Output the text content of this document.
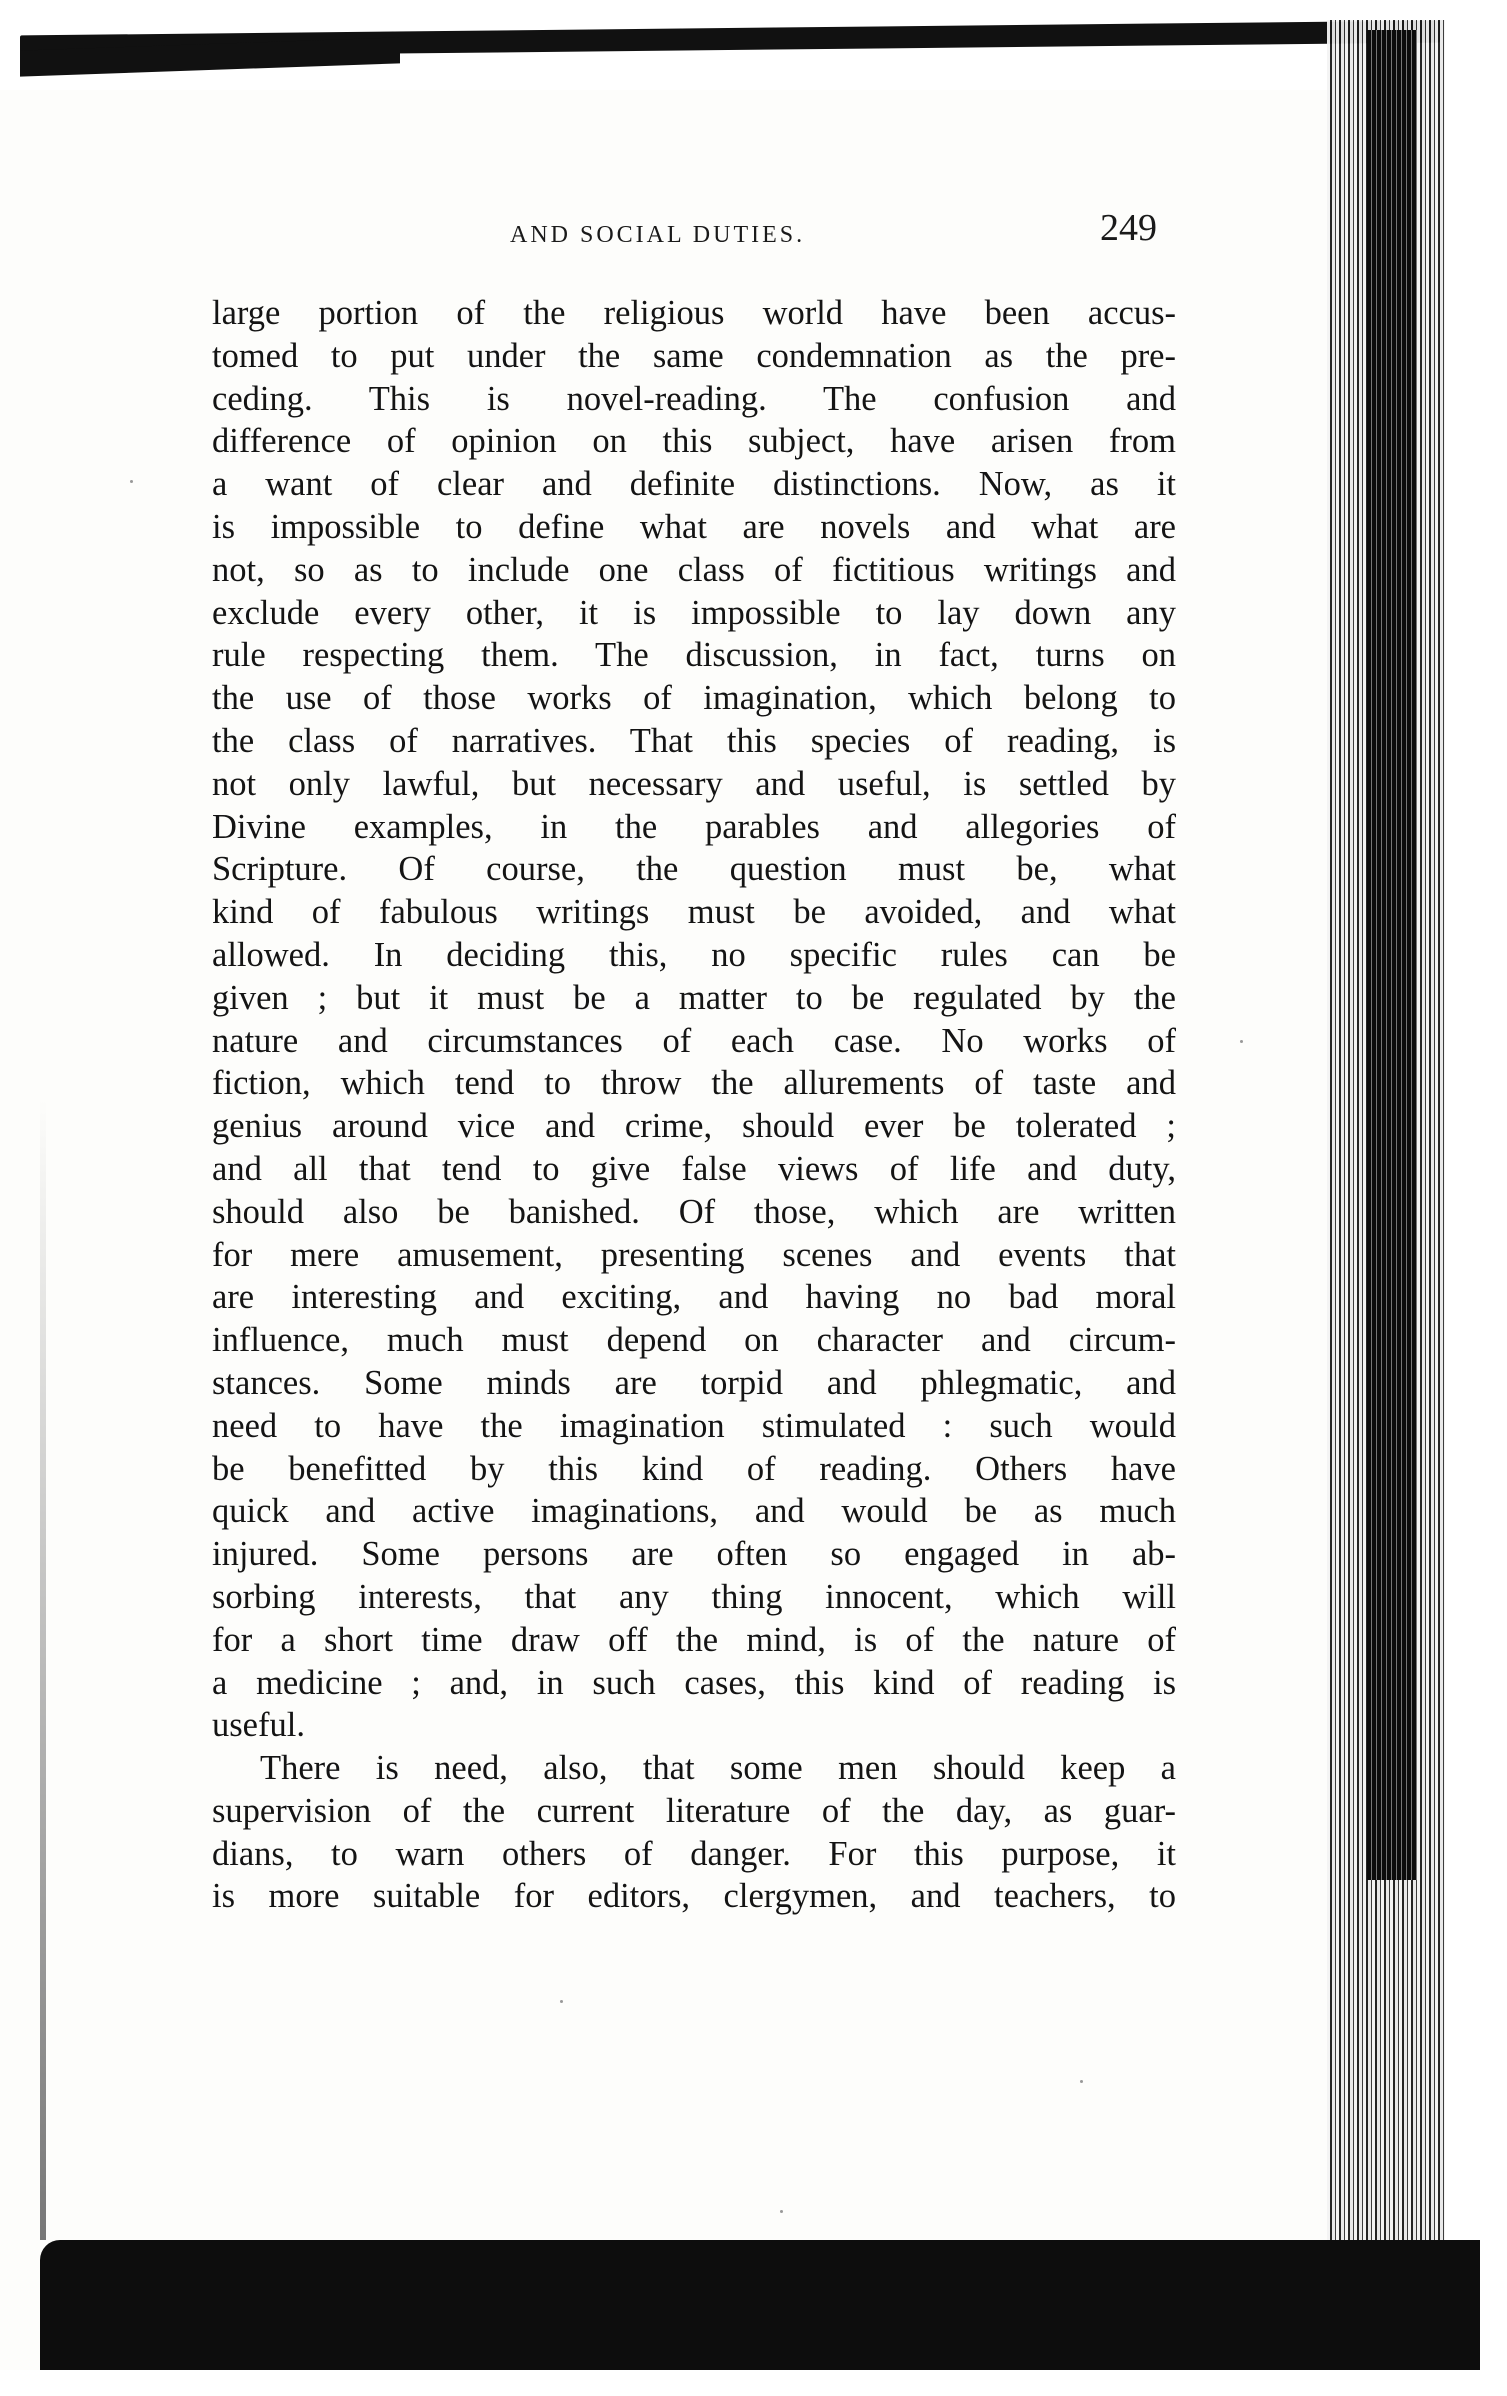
AND SOCIAL DUTIES.	249
large portion of the religious world have been accus-
tomed to put under the same condemnation as the pre-
ceding. This is novel-reading. The confusion and
difference of opinion on this subject, have arisen from
a want of clear and definite distinctions. Now, as it
is impossible to define what are novels and what are
not, so as to include one class of fictitious writings and
exclude every other, it is impossible to lay down any
rule respecting them. The discussion, in fact, turns on
the use of those works of imagination, which belong to
the class of narratives. That this species of reading, is
not only lawful, but necessary and useful, is settled by
Divine examples, in the parables and allegories of
Scripture. Of course, the question must be, what
kind of fabulous writings must be avoided, and what
allowed. In deciding this, no specific rules can be
given ; but it must be a matter to be regulated by the
nature and circumstances of each case. No works of
fiction, which tend to throw the allurements of taste and
genius around vice and crime, should ever be tolerated ;
and all that tend to give false views of life and duty,
should also be banished. Of those, which are written
for mere amusement, presenting scenes and events that
are interesting and exciting, and having no bad moral
influence, much must depend on character and circum-
stances. Some minds are torpid and phlegmatic, and
need to have the imagination stimulated : such would
be benefitted by this kind of reading. Others have
quick and active imaginations, and would be as much
injured. Some persons are often so engaged in ab-
sorbing interests, that any thing innocent, which will
for a short time draw off the mind, is of the nature of
a medicine ; and, in such cases, this kind of reading is
useful.
There is need, also, that some men should keep a
supervision of the current literature of the day, as guar-
dians, to warn others of danger. For this purpose, it
is more suitable for editors, clergymen, and teachers, to
